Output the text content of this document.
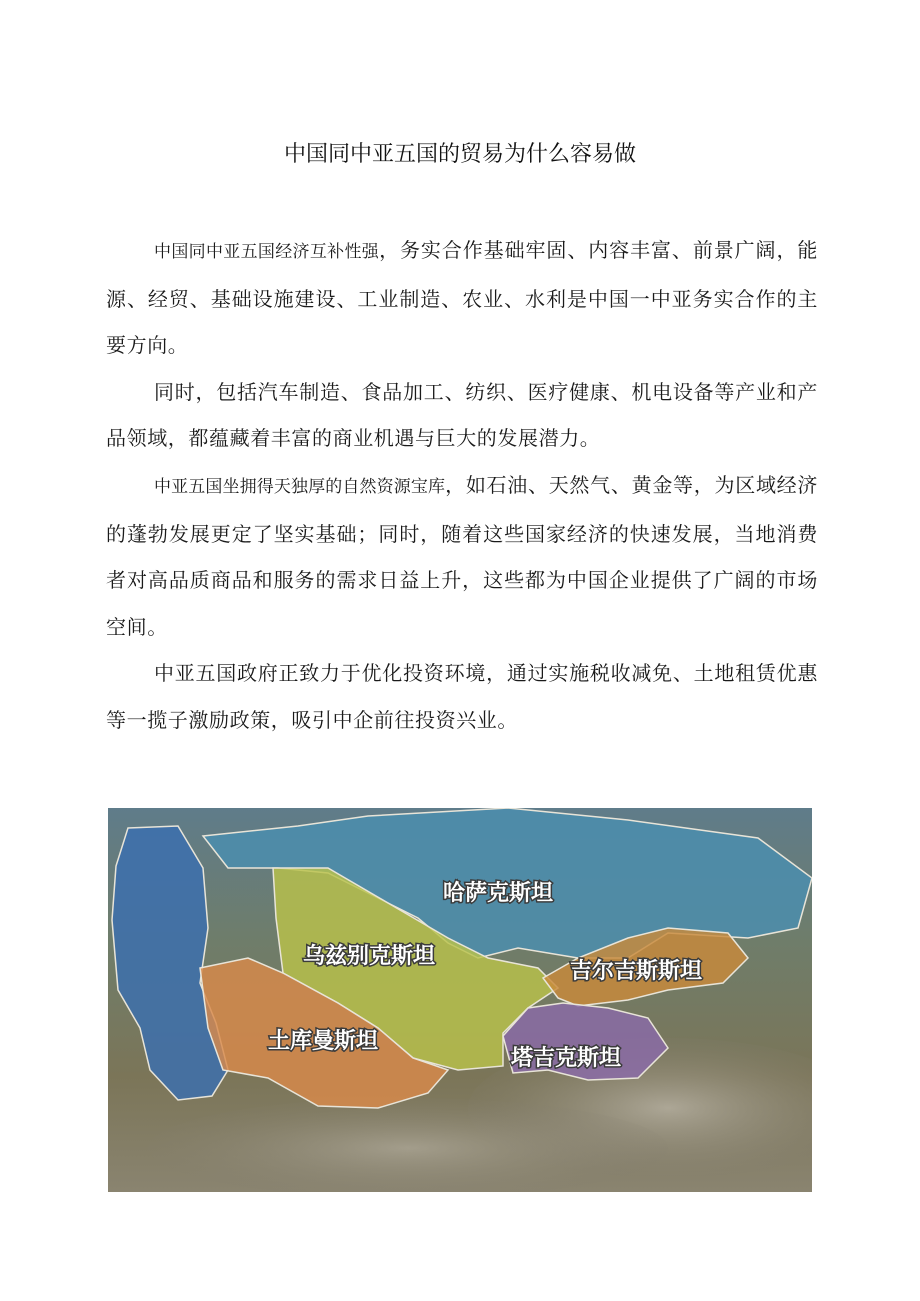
中国同中亚五国的贸易为什么容易做

中国同中亚五国经济互补性强，务实合作基础牢固、内容丰富、前景广阔，能源、经贸、基础设施建设、工业制造、农业、水利是中国一中亚务实合作的主要方向。

同时，包括汽车制造、食品加工、纺织、医疗健康、机电设备等产业和产品领域，都蕴藏着丰富的商业机遇与巨大的发展潜力。

中亚五国坐拥得天独厚的自然资源宝库，如石油、天然气、黄金等，为区域经济的蓬勃发展更定了坚实基础；同时，随着这些国家经济的快速发展，当地消费者对高品质商品和服务的需求日益上升，这些都为中国企业提供了广阔的市场空间。

中亚五国政府正致力于优化投资环境，通过实施税收减免、土地租赁优惠等一揽子激励政策，吸引中企前往投资兴业。

哈萨克斯坦
乌兹别克斯坦
吉尔吉斯斯坦
土库曼斯坦
塔吉克斯坦
